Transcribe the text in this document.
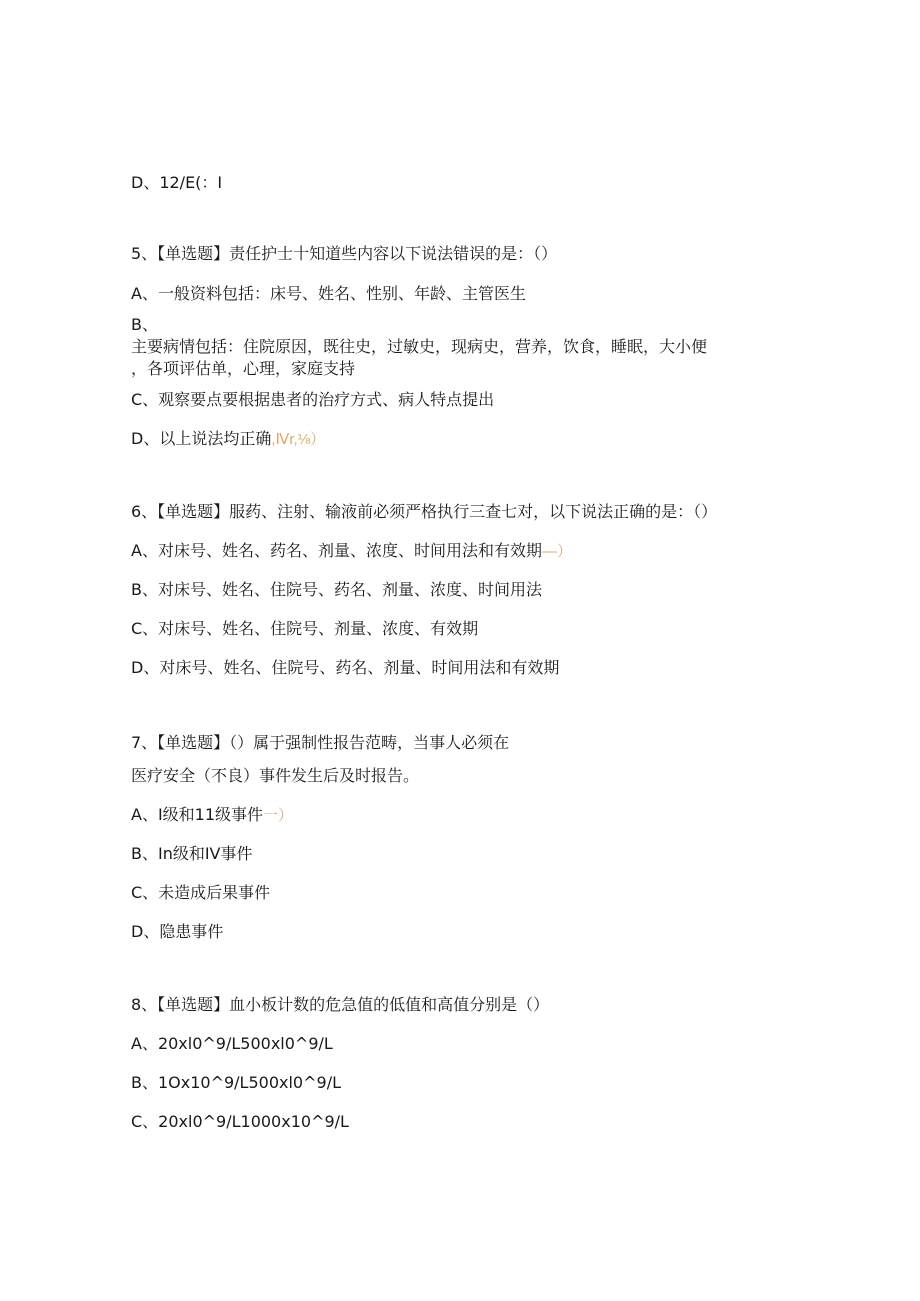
D、12∕E(：I
5、【单选题】责任护士十知道些内容以下说法错误的是：（）
A、一般资料包括：床号、姓名、性别、年龄、主管医生
B、
主要病情包括：住院原因，既往史，过敏史，现病史，营养，饮食，睡眠，大小便
，各项评估单，心理，家庭支持
C、观察要点要根据患者的治疗方式、病人特点提出
D、以上说法均正确,Ⅳr,⅛）
6、【单选题】服药、注射、输液前必须严格执行三查七对，以下说法正确的是：（）
A、对床号、姓名、药名、剂量、浓度、时间用法和有效期—）
B、对床号、姓名、住院号、药名、剂量、浓度、时间用法
C、对床号、姓名、住院号、剂量、浓度、有效期
D、对床号、姓名、住院号、药名、剂量、时间用法和有效期
7、【单选题】（）属于强制性报告范畴，当事人必须在
医疗安全（不良）事件发生后及时报告。
A、I级和11级事件一）
B、In级和IV事件
C、未造成后果事件
D、隐患事件
8、【单选题】血小板计数的危急值的低值和高值分别是（）
A、20xl0^9∕L500xl0^9∕L
B、1Ox10^9∕L500xl0^9∕L
C、20xl0^9∕L1000x10^9∕L
